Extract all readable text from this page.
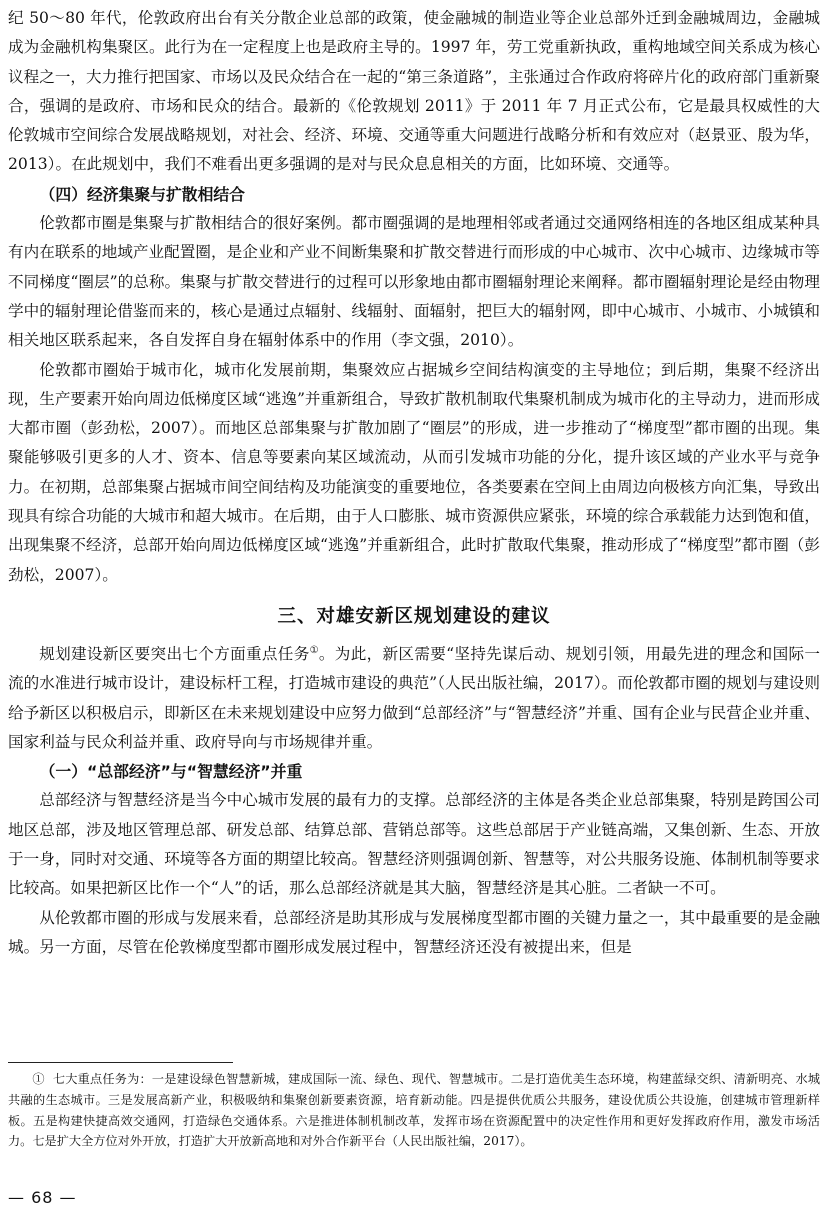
纪 50～80 年代，伦敦政府出台有关分散企业总部的政策，使金融城的制造业等企业总部外迁到金融城周边，金融城成为金融机构集聚区。此行为在一定程度上也是政府主导的。1997 年，劳工党重新执政，重构地域空间关系成为核心议程之一，大力推行把国家、市场以及民众结合在一起的“第三条道路”，主张通过合作政府将碎片化的政府部门重新聚合，强调的是政府、市场和民众的结合。最新的《伦敦规划 2011》于 2011 年 7 月正式公布，它是最具权威性的大伦敦城市空间综合发展战略规划，对社会、经济、环境、交通等重大问题进行战略分析和有效应对（赵景亚、殷为华，2013）。在此规划中，我们不难看出更多强调的是对与民众息息相关的方面，比如环境、交通等。

（四）经济集聚与扩散相结合

伦敦都市圈是集聚与扩散相结合的很好案例。都市圈强调的是地理相邻或者通过交通网络相连的各地区组成某种具有内在联系的地域产业配置圈，是企业和产业不间断集聚和扩散交替进行而形成的中心城市、次中心城市、边缘城市等不同梯度“圈层”的总称。集聚与扩散交替进行的过程可以形象地由都市圈辐射理论来阐释。都市圈辐射理论是经由物理学中的辐射理论借鉴而来的，核心是通过点辐射、线辐射、面辐射，把巨大的辐射网，即中心城市、小城市、小城镇和相关地区联系起来，各自发挥自身在辐射体系中的作用（李文强，2010）。

伦敦都市圈始于城市化，城市化发展前期，集聚效应占据城乡空间结构演变的主导地位；到后期，集聚不经济出现，生产要素开始向周边低梯度区域“逃逸”并重新组合，导致扩散机制取代集聚机制成为城市化的主导动力，进而形成大都市圈（彭劲松，2007）。而地区总部集聚与扩散加剧了“圈层”的形成，进一步推动了“梯度型”都市圈的出现。集聚能够吸引更多的人才、资本、信息等要素向某区域流动，从而引发城市功能的分化，提升该区域的产业水平与竞争力。在初期，总部集聚占据城市间空间结构及功能演变的重要地位，各类要素在空间上由周边向极核方向汇集，导致出现具有综合功能的大城市和超大城市。在后期，由于人口膨胀、城市资源供应紧张，环境的综合承载能力达到饱和值，出现集聚不经济，总部开始向周边低梯度区域“逃逸”并重新组合，此时扩散取代集聚，推动形成了“梯度型”都市圈（彭劲松，2007）。

三、对雄安新区规划建设的建议

规划建设新区要突出七个方面重点任务①。为此，新区需要“坚持先谋后动、规划引领，用最先进的理念和国际一流的水准进行城市设计，建设标杆工程，打造城市建设的典范”（人民出版社编，2017）。而伦敦都市圈的规划与建设则给予新区以积极启示，即新区在未来规划建设中应努力做到“总部经济”与“智慧经济”并重、国有企业与民营企业并重、国家利益与民众利益并重、政府导向与市场规律并重。

（一）“总部经济”与“智慧经济”并重

总部经济与智慧经济是当今中心城市发展的最有力的支撑。总部经济的主体是各类企业总部集聚，特别是跨国公司地区总部，涉及地区管理总部、研发总部、结算总部、营销总部等。这些总部居于产业链高端，又集创新、生态、开放于一身，同时对交通、环境等各方面的期望比较高。智慧经济则强调创新、智慧等，对公共服务设施、体制机制等要求比较高。如果把新区比作一个“人”的话，那么总部经济就是其大脑，智慧经济是其心脏。二者缺一不可。

从伦敦都市圈的形成与发展来看，总部经济是助其形成与发展梯度型都市圈的关键力量之一，其中最重要的是金融城。另一方面，尽管在伦敦梯度型都市圈形成发展过程中，智慧经济还没有被提出来，但是

① 七大重点任务为：一是建设绿色智慧新城，建成国际一流、绿色、现代、智慧城市。二是打造优美生态环境，构建蓝绿交织、清新明亮、水城共融的生态城市。三是发展高新产业，积极吸纳和集聚创新要素资源，培育新动能。四是提供优质公共服务，建设优质公共设施，创建城市管理新样板。五是构建快捷高效交通网，打造绿色交通体系。六是推进体制机制改革，发挥市场在资源配置中的决定性作用和更好发挥政府作用，激发市场活力。七是扩大全方位对外开放，打造扩大开放新高地和对外合作新平台（人民出版社编，2017）。
— 68 —
